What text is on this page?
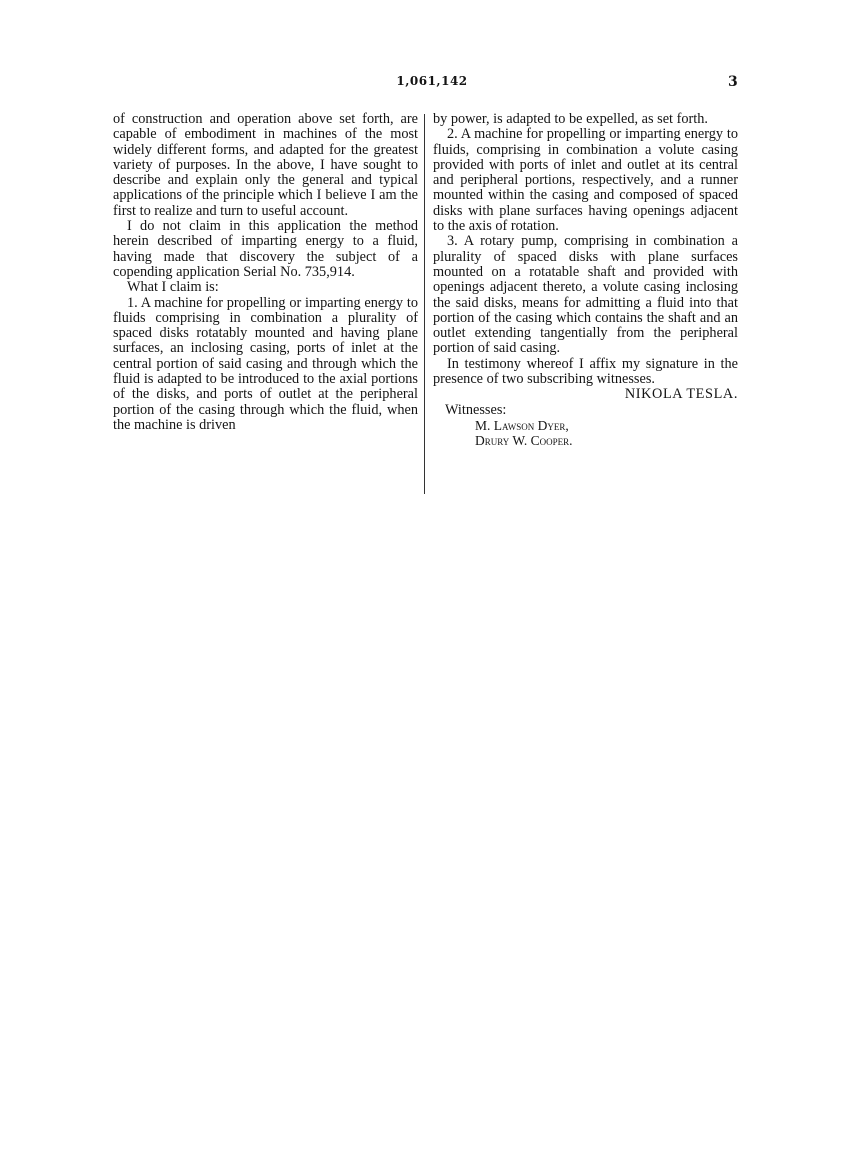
1,061,142	3

of construction and operation above set forth, are capable of embodiment in machines of the most widely different forms, and adapted for the greatest variety of purposes. In the above, I have sought to describe and explain only the general and typical applications of the principle which I believe I am the first to realize and turn to useful account.

I do not claim in this application the method herein described of imparting energy to a fluid, having made that discovery the subject of a copending application Serial No. 735,914.

What I claim is:

1. A machine for propelling or imparting energy to fluids comprising in combination a plurality of spaced disks rotatably mounted and having plane surfaces, an inclosing casing, ports of inlet at the central portion of said casing and through which the fluid is adapted to be introduced to the axial portions of the disks, and ports of outlet at the peripheral portion of the casing through which the fluid, when the machine is driven

by power, is adapted to be expelled, as set forth.

2. A machine for propelling or imparting energy to fluids, comprising in combination a volute casing provided with ports of inlet and outlet at its central and peripheral portions, respectively, and a runner mounted within the casing and composed of spaced disks with plane surfaces having openings adjacent to the axis of rotation.

3. A rotary pump, comprising in combination a plurality of spaced disks with plane surfaces mounted on a rotatable shaft and provided with openings adjacent thereto, a volute casing inclosing the said disks, means for admitting a fluid into that portion of the casing which contains the shaft and an outlet extending tangentially from the peripheral portion of said casing.

In testimony whereof I affix my signature in the presence of two subscribing witnesses.

NIKOLA TESLA.

Witnesses:

M. Lawson Dyer,

Drury W. Cooper.
